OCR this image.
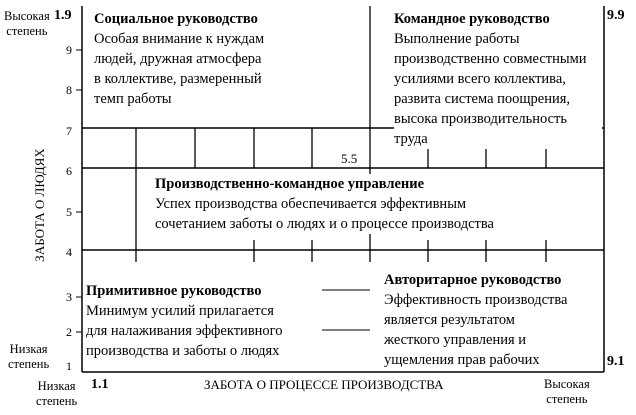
Высокая
степень
Низкая
степень
ЗАБОТА О ЛЮДЯХ
9
8
7
6
5
4
3
2
1
1.9	9.9
5.5
1.1
9.1
Низкая
степень
ЗАБОТА О ПРОЦЕССЕ ПРОИЗВОДСТВА	Высокая
степень
Социальное руководство
Особая внимание к нуждам
людей, дружная атмосфера
в коллективе, размеренный
темп работы
Командное руководство
Выполнение работы
производственно совместными
усилиями всего коллектива,
развита система поощрения,
высока производительность
труда
Производственно-командное управление
Успех производства обеспечивается эффективным
сочетанием заботы о людях и о процессе производства
Примитивное руководство
Минимум усилий прилагается
для налаживания эффективного
производства и заботы о людях
Авторитарное руководство
Эффективность производства
является результатом
жесткого управления и
ущемления прав рабочих
